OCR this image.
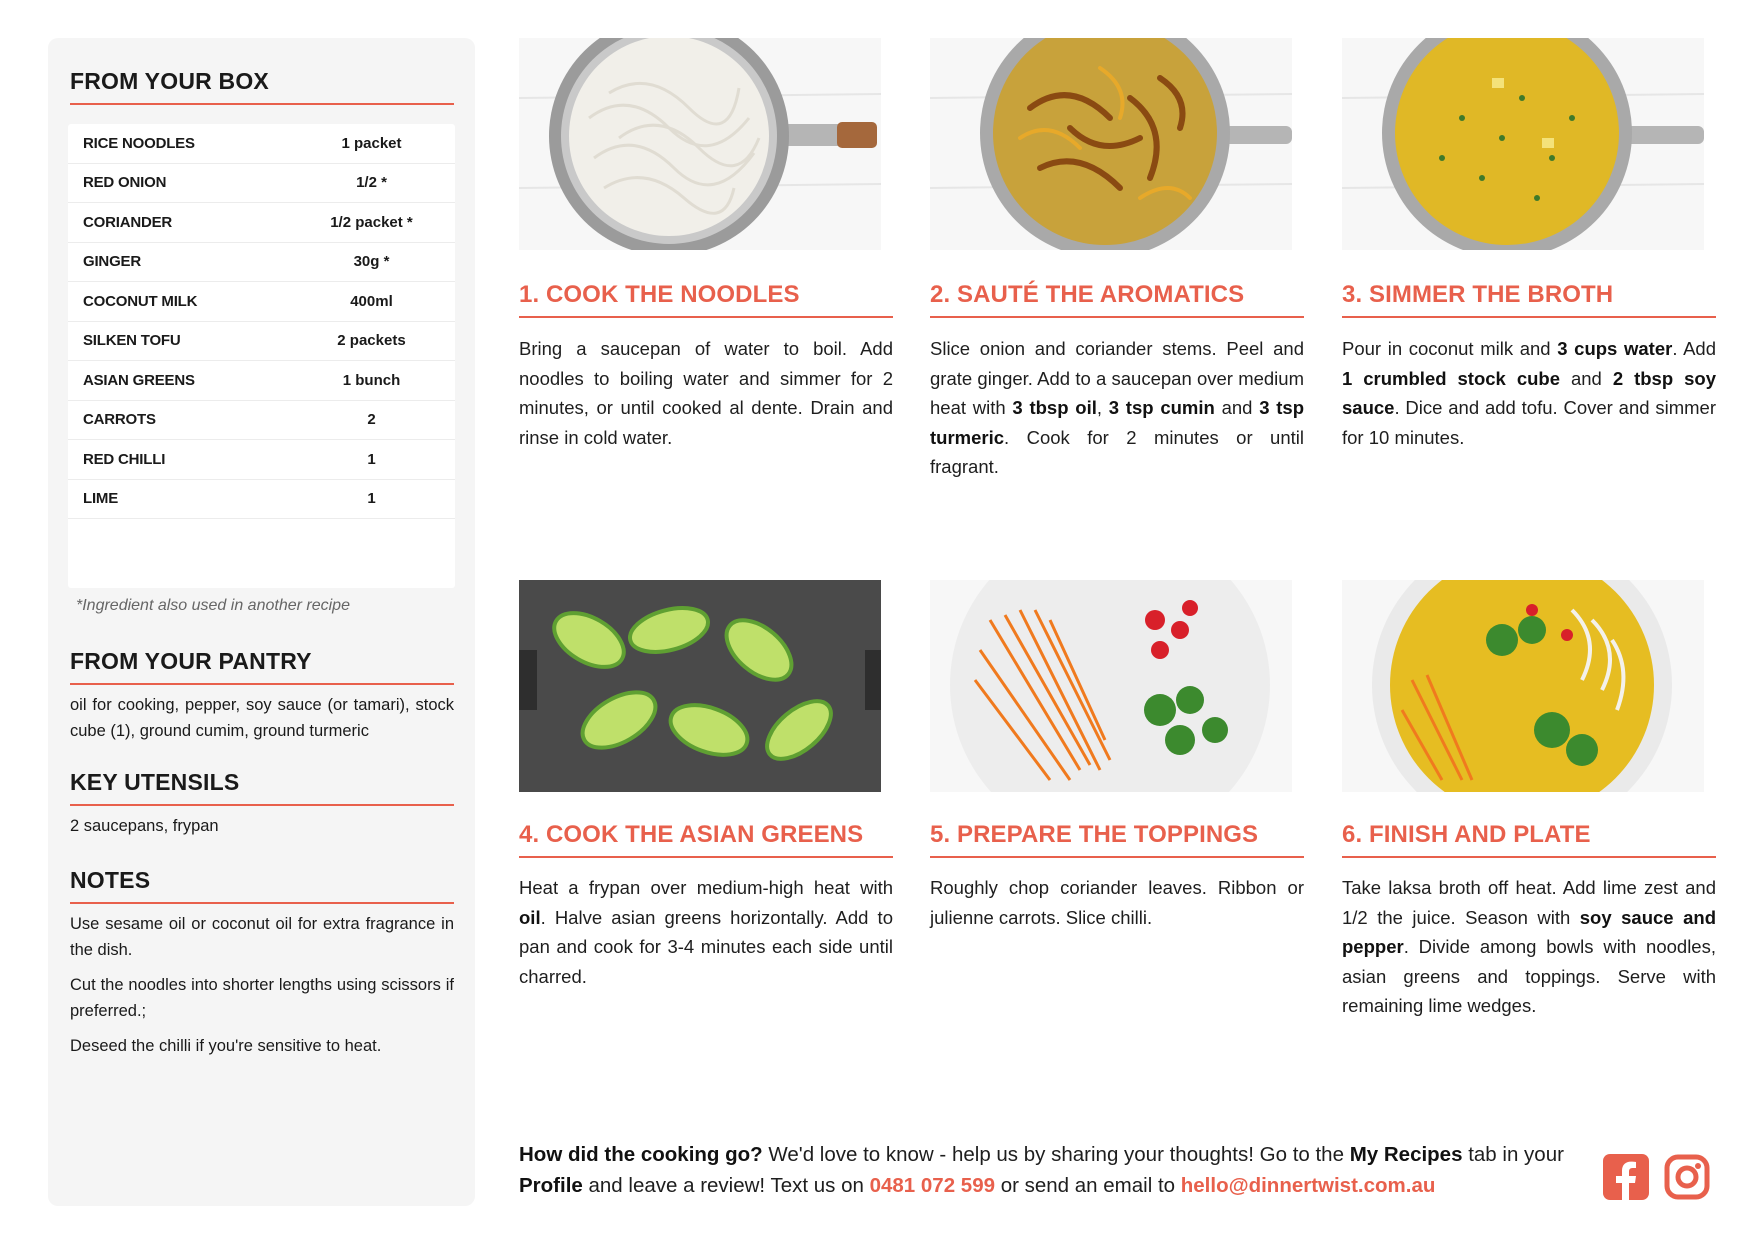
FROM YOUR BOX
RICE NOODLES	1 packet
RED ONION	1/2 *
CORIANDER	1/2 packet *
GINGER	30g *
COCONUT MILK	400ml
SILKEN TOFU	2 packets
ASIAN GREENS	1 bunch
CARROTS	2
RED CHILLI	1
LIME	1
*Ingredient also used in another recipe
FROM YOUR PANTRY

oil for cooking, pepper, soy sauce (or tamari), stock cube (1), ground cumim, ground turmeric

KEY UTENSILS

2 saucepans, frypan

NOTES

Use sesame oil or coconut oil for extra fragrance in the dish.

Cut the noodles into shorter lengths using scissors if preferred.;

Deseed the chilli if you're sensitive to heat.

1. COOK THE NOODLES

Bring a saucepan of water to boil. Add noodles to boiling water and simmer for 2 minutes, or until cooked al dente. Drain and rinse in cold water.

2. SAUTÉ THE AROMATICS

Slice onion and coriander stems. Peel and grate ginger. Add to a saucepan over medium heat with 3 tbsp oil, 3 tsp cumin and 3 tsp turmeric. Cook for 2 minutes or until fragrant.

3. SIMMER THE BROTH

Pour in coconut milk and 3 cups water. Add 1 crumbled stock cube and 2 tbsp soy sauce. Dice and add tofu. Cover and simmer for 10 minutes.

4. COOK THE ASIAN GREENS

Heat a frypan over medium-high heat with oil. Halve asian greens horizontally. Add to pan and cook for 3-4 minutes each side until charred.

5. PREPARE THE TOPPINGS

Roughly chop coriander leaves. Ribbon or julienne carrots. Slice chilli.

6. FINISH AND PLATE

Take laksa broth off heat. Add lime zest and 1/2 the juice. Season with soy sauce and pepper. Divide among bowls with noodles, asian greens and toppings. Serve with remaining lime wedges.

How did the cooking go? We'd love to know - help us by sharing your thoughts! Go to the My Recipes tab in your Profile and leave a review! Text us on 0481 072 599 or send an email to hello@dinnertwist.com.au
